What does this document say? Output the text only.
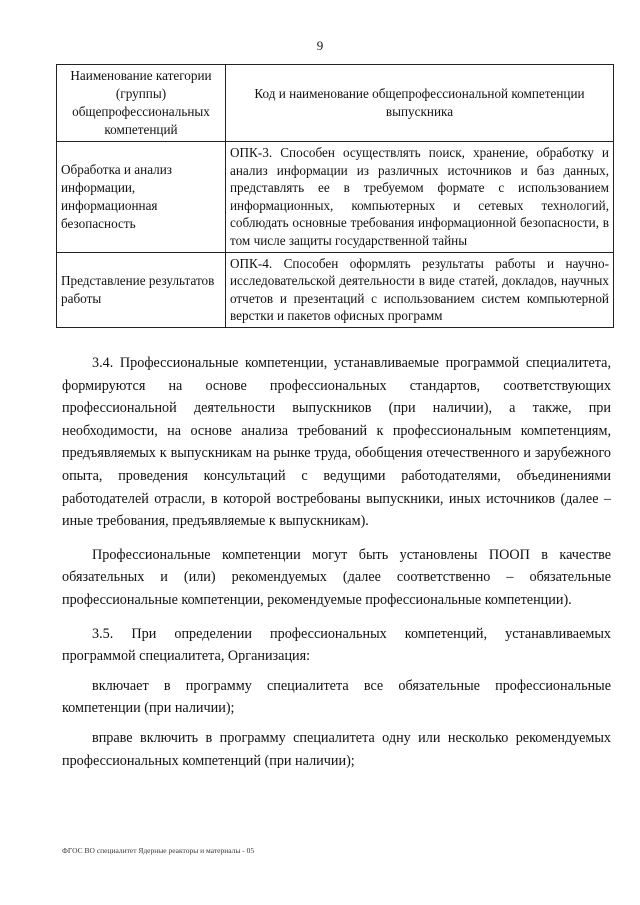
9
Наименование категории (группы) общепрофессиональных компетенций	Код и наименование общепрофессиональной компетенции выпускника
Обработка и анализ информации, информационная безопасность	ОПК-3. Способен осуществлять поиск, хранение, обработку и анализ информации из различных источников и баз данных, представлять ее в требуемом формате с использованием информационных, компьютерных и сетевых технологий, соблюдать основные требования информационной безопасности, в том числе защиты государственной тайны
Представление результатов работы	ОПК-4. Способен оформлять результаты работы и научно-исследовательской деятельности в виде статей, докладов, научных отчетов и презентаций с использованием систем компьютерной верстки и пакетов офисных программ

3.4. Профессиональные компетенции, устанавливаемые программой специалитета, формируются на основе профессиональных стандартов, соответствующих профессиональной деятельности выпускников (при наличии), а также, при необходимости, на основе анализа требований к профессиональным компетенциям, предъявляемых к выпускникам на рынке труда, обобщения отечественного и зарубежного опыта, проведения консультаций с ведущими работодателями, объединениями работодателей отрасли, в которой востребованы выпускники, иных источников (далее – иные требования, предъявляемые к выпускникам).

Профессиональные компетенции могут быть установлены ПООП в качестве обязательных и (или) рекомендуемых (далее соответственно – обязательные профессиональные компетенции, рекомендуемые профессиональные компетенции).

3.5. При определении профессиональных компетенций, устанавливаемых программой специалитета, Организация:

включает в программу специалитета все обязательные профессиональные компетенции (при наличии);

вправе включить в программу специалитета одну или несколько рекомендуемых профессиональных компетенций (при наличии);

ФГОС ВО специалитет Ядерные реакторы и материалы - 05
